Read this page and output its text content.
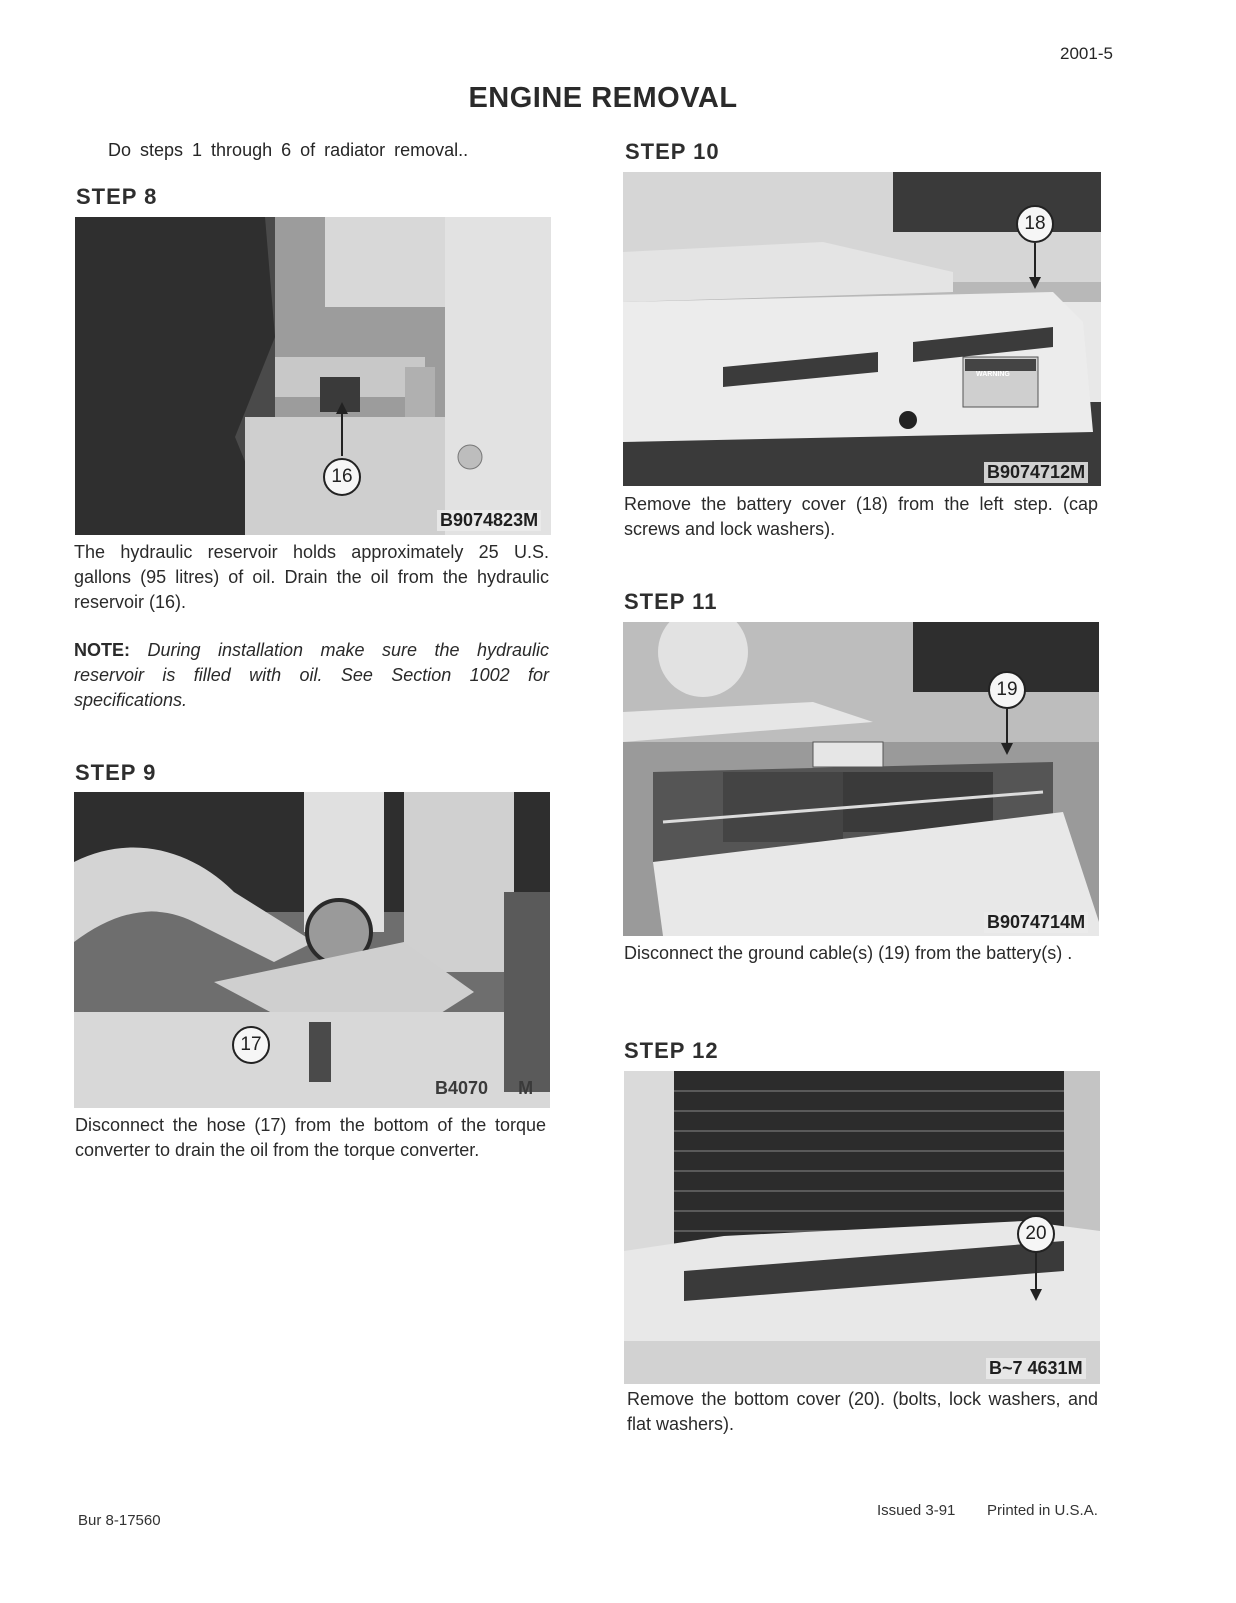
2001-5
ENGINE REMOVAL
Do steps 1 through 6 of radiator removal..
STEP 8
16
B9074823M
The hydraulic reservoir holds approximately 25 U.S. gallons (95 litres) of oil. Drain the oil from the hydraulic reservoir (16).
NOTE: During installation make sure the hydraulic reservoir is filled with oil. See Section 1002 for specifications.
STEP 9
17
B4070 M
Disconnect the hose (17) from the bottom of the torque converter to drain the oil from the torque converter.
STEP 10
WARNING
18
B9074712M
Remove the battery cover (18) from the left step. (cap screws and lock washers).
STEP 11
19
B9074714M
Disconnect the ground cable(s) (19) from the battery(s) .
STEP 12
20
B~7 4631M
Remove the bottom cover (20). (bolts, lock washers, and flat washers).
Bur 8-17560
Issued 3-91 Printed in U.S.A.
